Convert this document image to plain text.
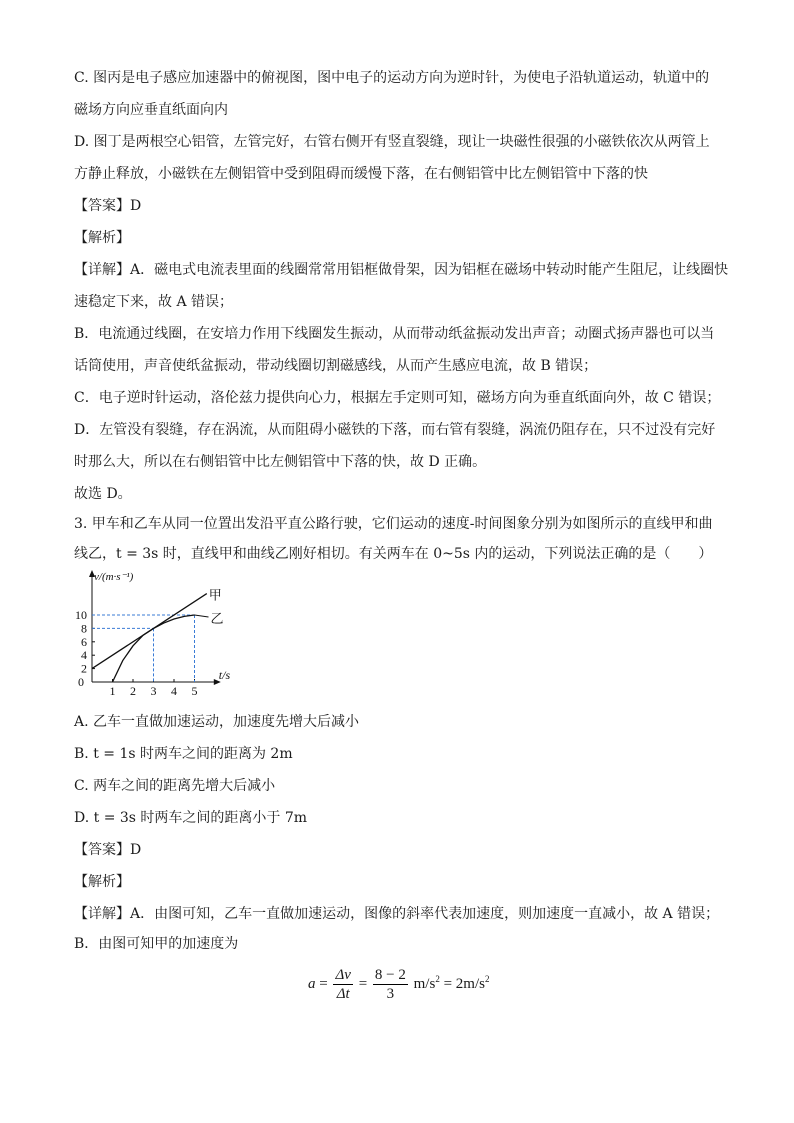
C. 图丙是电子感应加速器中的俯视图，图中电子的运动方向为逆时针，为使电子沿轨道运动，轨道中的
磁场方向应垂直纸面向内
D. 图丁是两根空心铝管，左管完好，右管右侧开有竖直裂缝，现让一块磁性很强的小磁铁依次从两管上
方静止释放，小磁铁在左侧铝管中受到阻碍而缓慢下落，在右侧铝管中比左侧铝管中下落的快
【答案】D
【解析】
【详解】A．磁电式电流表里面的线圈常常用铝框做骨架，因为铝框在磁场中转动时能产生阻尼，让线圈快
速稳定下来，故 A 错误；
B．电流通过线圈，在安培力作用下线圈发生振动，从而带动纸盆振动发出声音；动圈式扬声器也可以当
话筒使用，声音使纸盆振动，带动线圈切割磁感线，从而产生感应电流，故 B 错误；
C．电子逆时针运动，洛伦兹力提供向心力，根据左手定则可知，磁场方向为垂直纸面向外，故 C 错误；
D．左管没有裂缝，存在涡流，从而阻碍小磁铁的下落，而右管有裂缝，涡流仍阻存在，只不过没有完好
时那么大，所以在右侧铝管中比左侧铝管中下落的快，故 D 正确。
故选 D。
3. 甲车和乙车从同一位置出发沿平直公路行驶，它们运动的速度-时间图象分别为如图所示的直线甲和曲
线乙，t = 3s 时，直线甲和曲线乙刚好相切。有关两车在 0~5s 内的运动，下列说法正确的是（　　）
A. 乙车一直做加速运动，加速度先增大后减小
B. t = 1s 时两车之间的距离为 2m
C. 两车之间的距离先增大后减小
D. t = 3s 时两车之间的距离小于 7m
【答案】D
【解析】
【详解】A．由图可知，乙车一直做加速运动，图像的斜率代表加速度，则加速度一直减小，故 A 错误；
B．由图可知甲的加速度为
0
1 2 3 4 5
2
4
6
8
10
v/(m·s⁻¹)
t/s
甲
乙
$a = \frac{\Delta v}{\Delta t} = \frac{8 - 2}{3} m/s^2 = 2m/s^2$
